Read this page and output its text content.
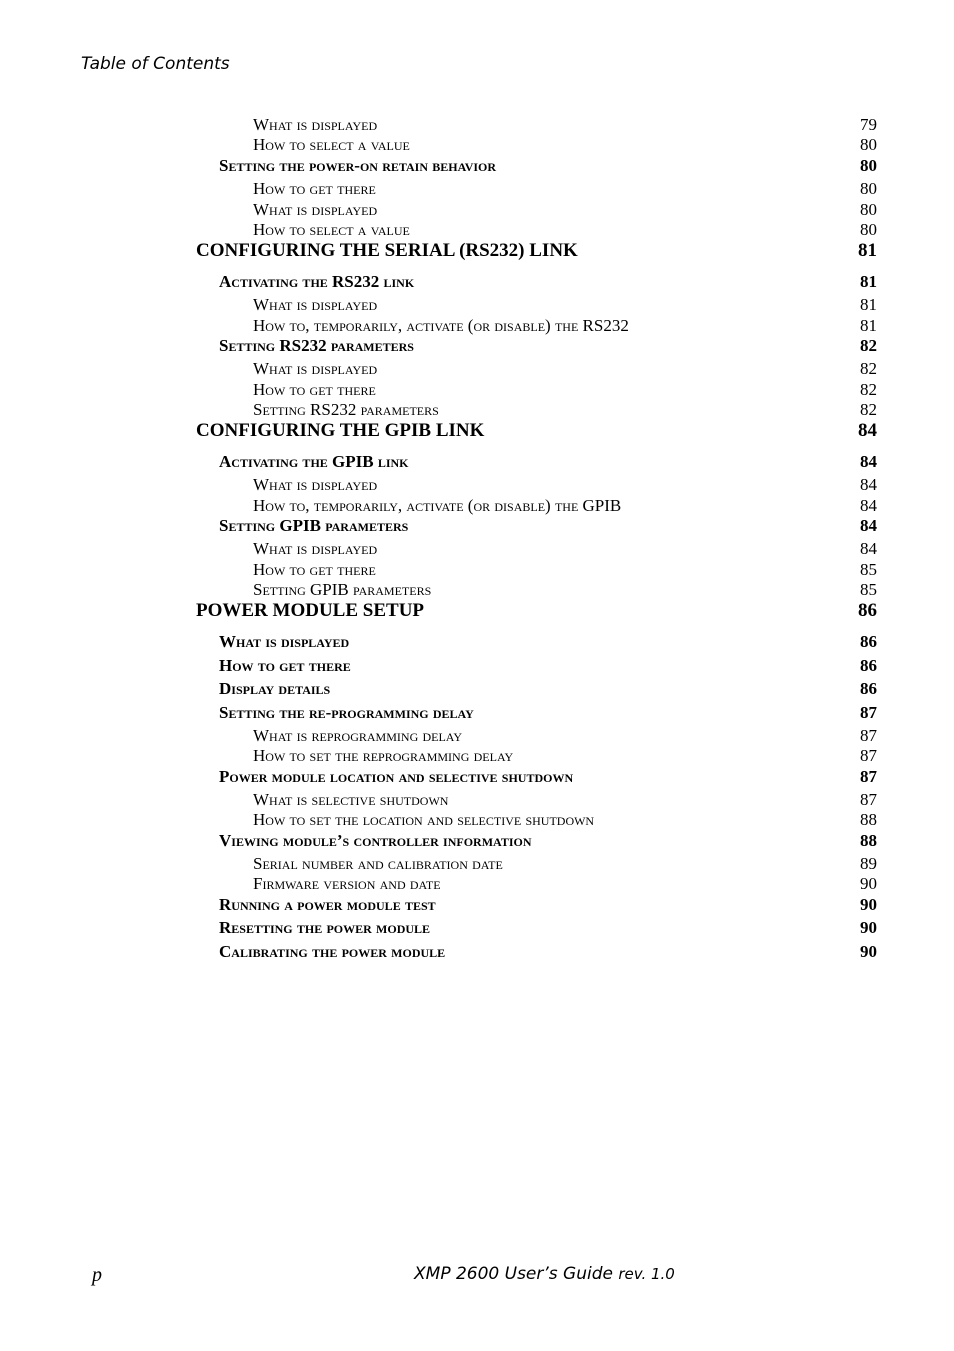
Table of Contents
What is displayed	79
How to select a value	80
Setting the power-on retain behavior	80
How to get there	80
What is displayed	80
How to select a value	80
CONFIGURING THE SERIAL (RS232) LINK	81
Activating the RS232 link	81
What is displayed	81
How to, temporarily, activate (or disable) the RS232	81
Setting RS232 parameters	82
What is displayed	82
How to get there	82
Setting RS232 parameters	82
CONFIGURING THE GPIB LINK	84
Activating the GPIB link	84
What is displayed	84
How to, temporarily, activate (or disable) the GPIB	84
Setting GPIB parameters	84
What is displayed	84
How to get there	85
Setting GPIB parameters	85
POWER MODULE SETUP	86
What is displayed	86
How to get there	86
Display details	86
Setting the re-programming delay	87
What is reprogramming delay	87
How to set the reprogramming delay	87
Power module location and selective shutdown	87
What is selective shutdown	87
How to set the location and selective shutdown	88
Viewing module’s controller information	88
Serial number and calibration date	89
Firmware version and date	90
Running a power module test	90
Resetting the power module	90
Calibrating the power module	90
p	XMP 2600 User’s Guide rev. 1.0
